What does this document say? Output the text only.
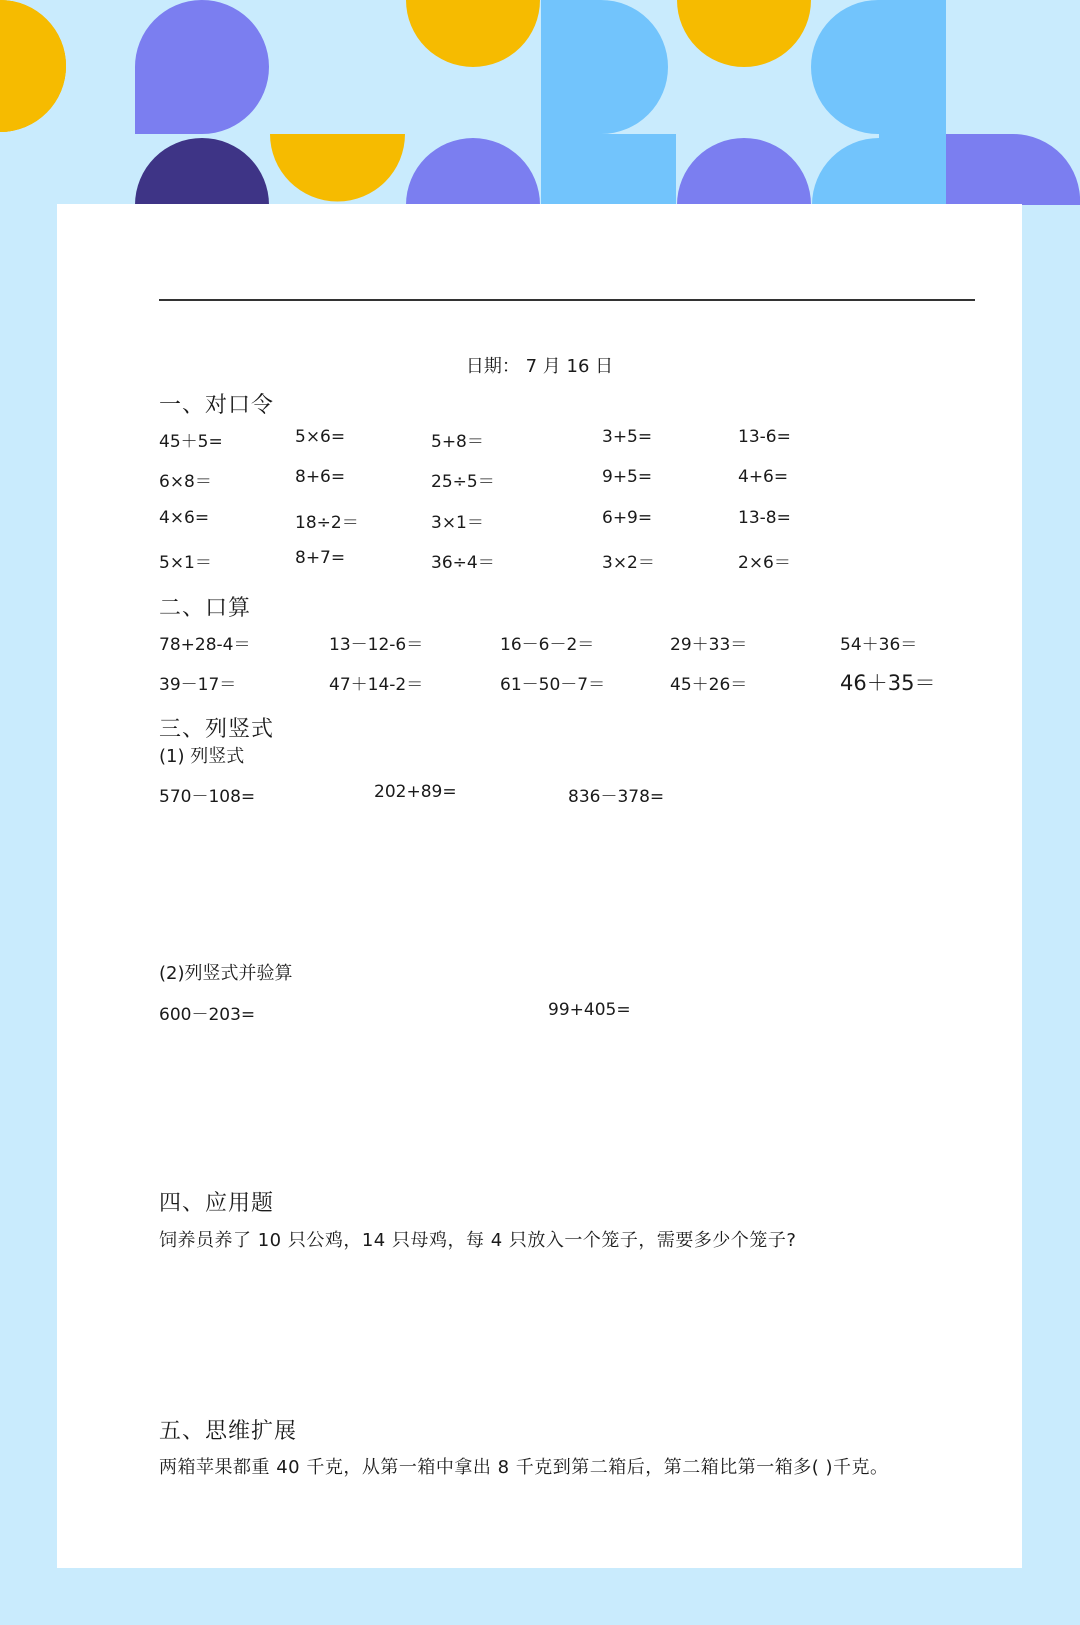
日期： 7 月 16 日
一、对口令
45＋5=	5×6=	5+8＝	3+5=	13-6=
6×8＝	8+6=	25÷5＝	9+5=	4+6=
4×6=	18÷2＝	3×1＝	6+9=	13-8=
5×1＝	8+7=	36÷4＝	3×2＝	2×6＝
二、口算
78+28-4＝	13－12-6＝	16－6－2＝	29＋33＝	54＋36＝
39－17＝	47＋14-2＝	61－50－7＝	45＋26＝	46＋35＝
三、列竖式
(1) 列竖式
570－108=	202+89=	836－378=
(2)列竖式并验算
600－203=	99+405=
四、应用题
饲养员养了 10 只公鸡，14 只母鸡，每 4 只放入一个笼子，需要多少个笼子?
五、思维扩展
两箱苹果都重 40 千克，从第一箱中拿出 8 千克到第二箱后，第二箱比第一箱多( )千克。
